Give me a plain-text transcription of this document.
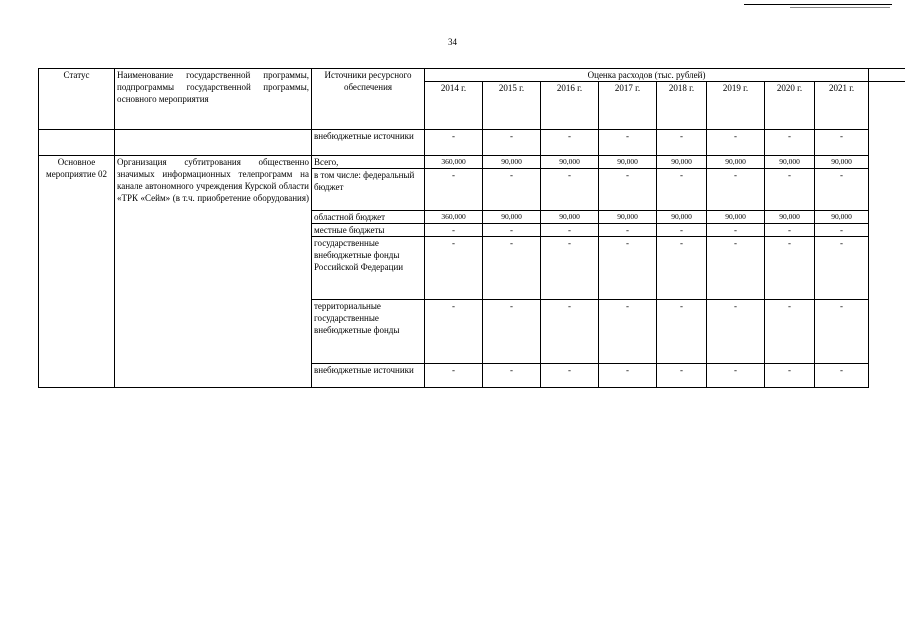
34
Статус	Наименование государственной программы, подпрограммы государственной программы, основного мероприятия	Источники ресурсного обеспечения	Оценка расходов (тыс. рублей)								
			2014 г.	2015 г.	2016 г.	2017 г.	2018 г.	2019 г.	2020 г.	2021 г.	
		внебюджетные источники	-	-	-	-	-	-	-	-	
Основное мероприятие 02	Организация субтитрования общественно значимых информационных телепрограмм на канале автономного учреждения Курской области «ТРК «Сейм» (в т.ч. приобретение оборудования)	Всего,	360,000	90,000	90,000	90,000	90,000	90,000	90,000	90,000	
		в том числе: федеральный бюджет	-	-	-	-	-	-	-	-	
		областной бюджет	360,000	90,000	90,000	90,000	90,000	90,000	90,000	90,000	
		местные бюджеты	-	-	-	-	-	-	-	-	
		государственные внебюджетные фонды Российской Федерации	-	-	-	-	-	-	-	-	
		территориальные государственные внебюджетные фонды	-	-	-	-	-	-	-	-	
		внебюджетные источники	-	-	-	-	-	-	-	-	
